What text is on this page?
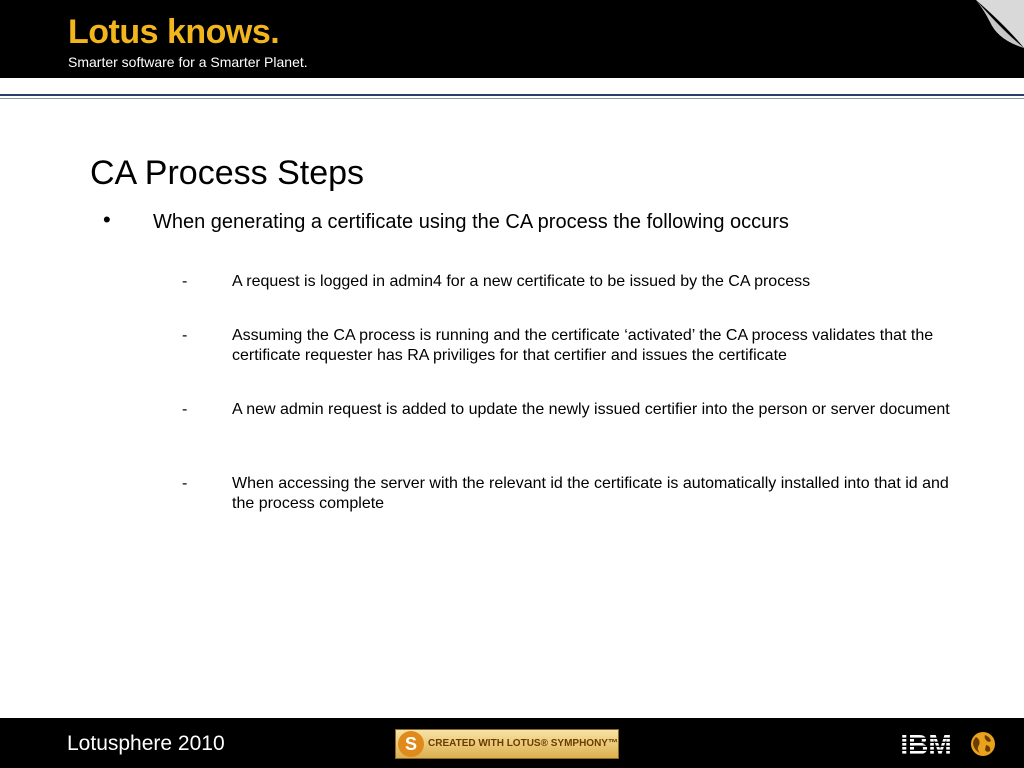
Lotus knows.
Smarter software for a Smarter Planet.
CA Process Steps
• When generating a certificate using the CA process the following occurs
-	A request is logged in admin4 for a new certificate to be issued by the CA process
-	Assuming the CA process is running and the certificate ‘activated’ the CA process validates that the certificate requester has RA priviliges for that certifier and issues the certificate
-	A new admin request is added to update the newly issued certifier into the person or server document
-	When accessing the server with the relevant id the certificate is automatically installed into that id and the process complete
Lotusphere 2010	S	CREATED WITH LOTUS® SYMPHONY™	IBM
